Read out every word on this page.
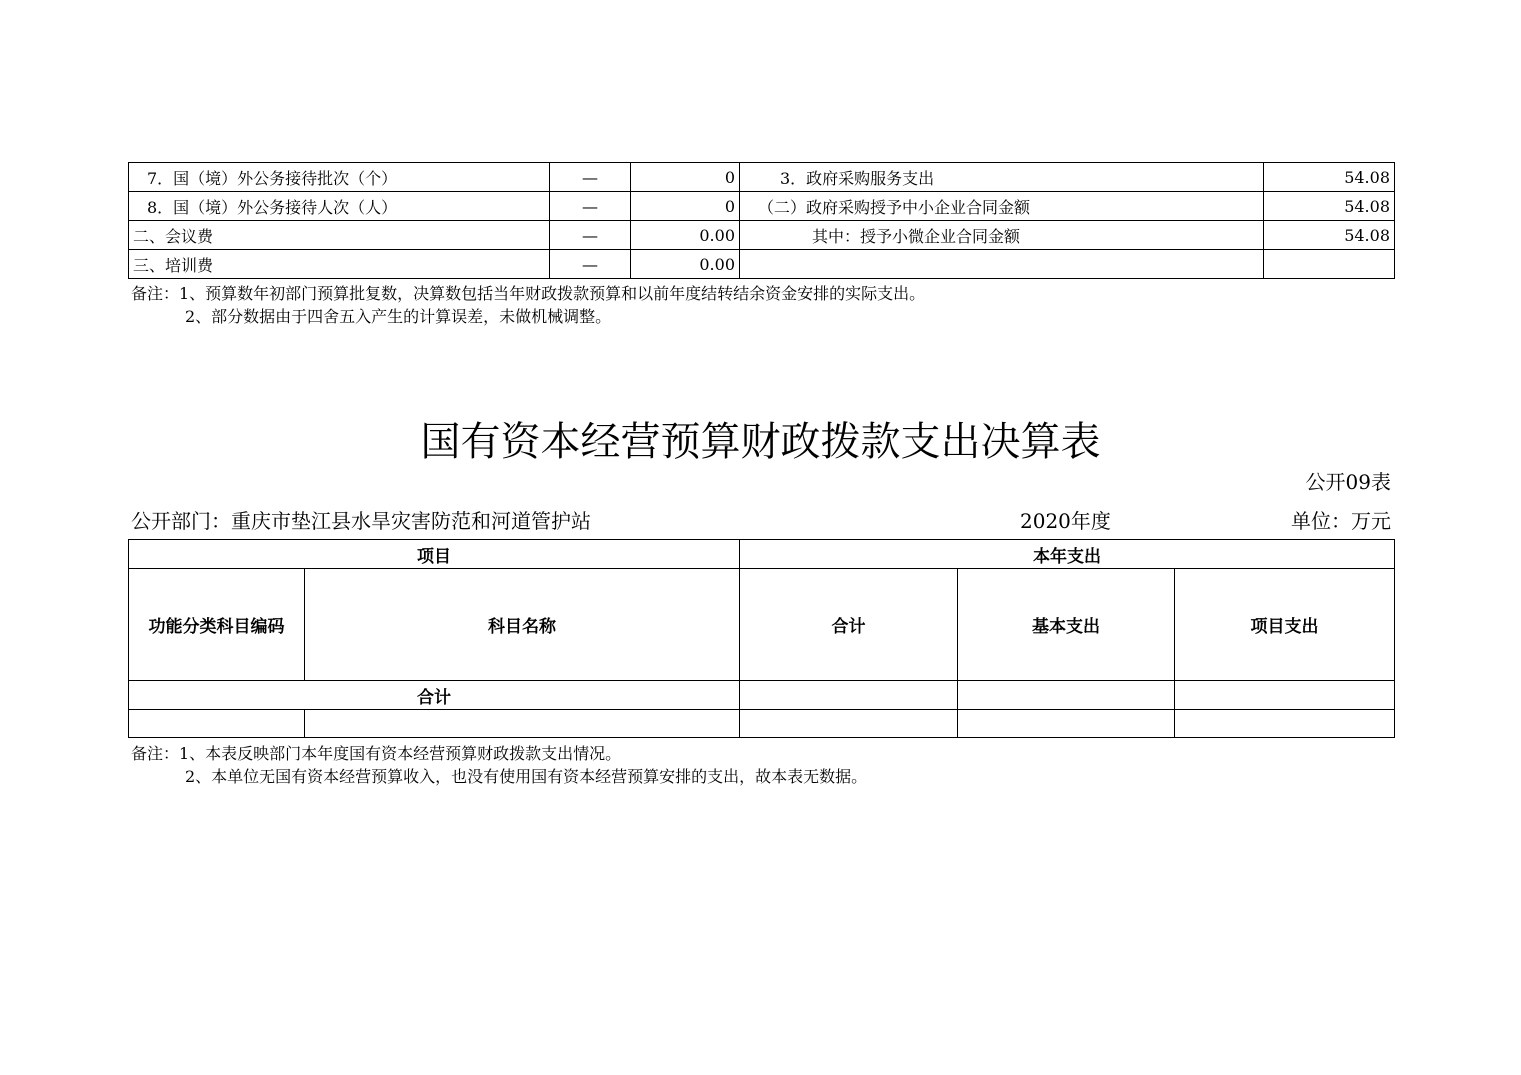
7．国（境）外公务接待批次（个）	—	0	3．政府采购服务支出	54.08
8．国（境）外公务接待人次（人）	—	0	（二）政府采购授予中小企业合同金额	54.08
二、会议费	—	0.00	其中：授予小微企业合同金额	54.08
三、培训费	—	0.00		
备注：1、预算数年初部门预算批复数，决算数包括当年财政拨款预算和以前年度结转结余资金安排的实际支出。
2、部分数据由于四舍五入产生的计算误差，未做机械调整。
国有资本经营预算财政拨款支出决算表
公开09表
公开部门：重庆市垫江县水旱灾害防范和河道管护站	2020年度	单位：万元
项目		本年支出		
功能分类科目编码	科目名称	合计	基本支出	项目支出
合计				

备注：1、本表反映部门本年度国有资本经营预算财政拨款支出情况。
2、本单位无国有资本经营预算收入，也没有使用国有资本经营预算安排的支出，故本表无数据。
